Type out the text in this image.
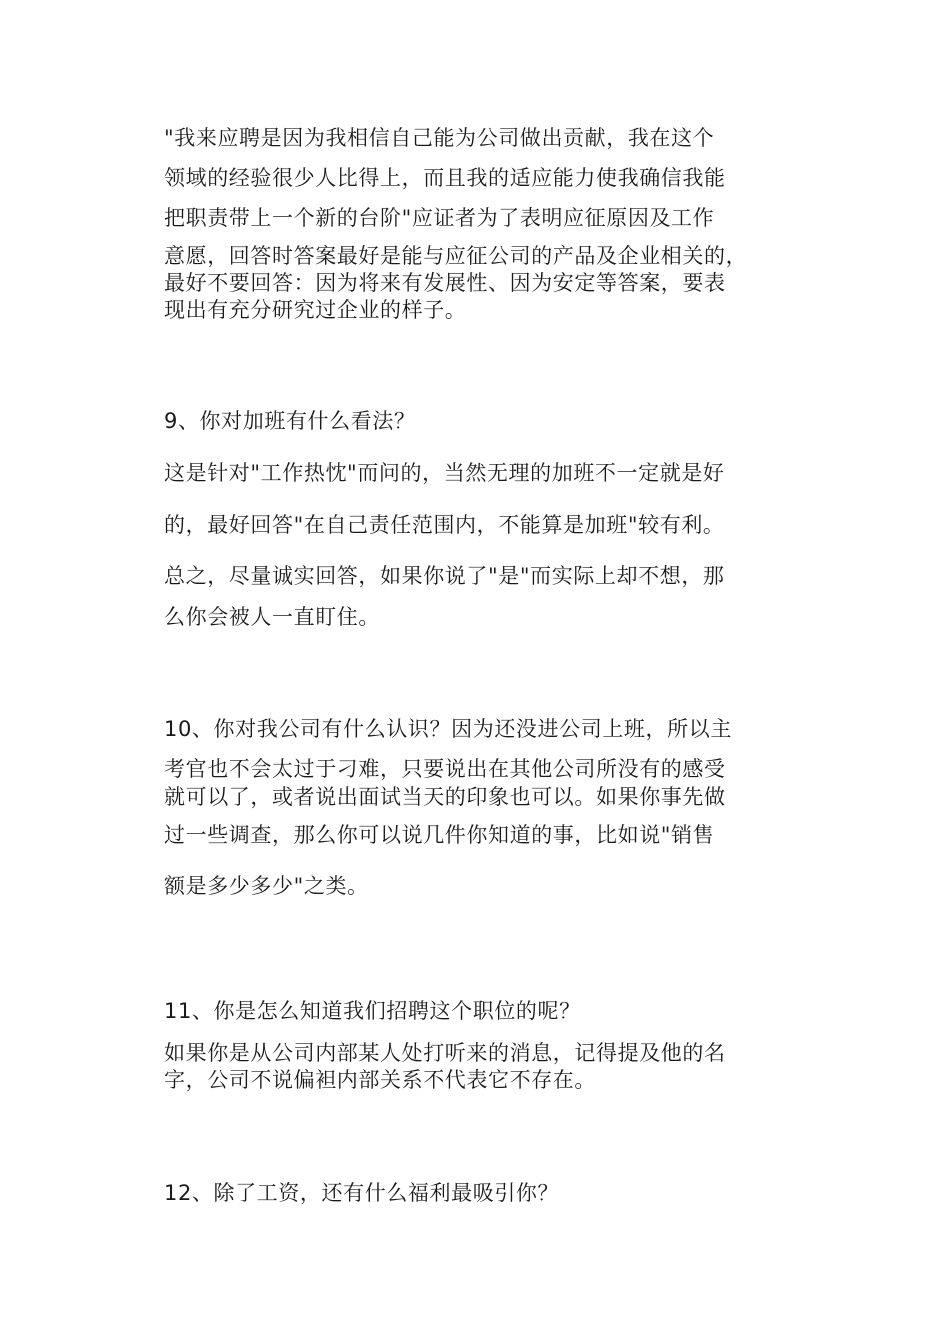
"我来应聘是因为我相信自己能为公司做出贡献，我在这个
领域的经验很少人比得上，而且我的适应能力使我确信我能
把职责带上一个新的台阶"应证者为了表明应征原因及工作
意愿，回答时答案最好是能与应征公司的产品及企业相关的，
最好不要回答：因为将来有发展性、因为安定等答案，要表
现出有充分研究过企业的样子。
9、你对加班有什么看法？
这是针对"工作热忱"而问的，当然无理的加班不一定就是好
的，最好回答"在自己责任范围内，不能算是加班"较有利。
总之，尽量诚实回答，如果你说了"是"而实际上却不想，那
么你会被人一直盯住。
10、你对我公司有什么认识？因为还没进公司上班，所以主
考官也不会太过于刁难，只要说出在其他公司所没有的感受
就可以了，或者说出面试当天的印象也可以。如果你事先做
过一些调查，那么你可以说几件你知道的事，比如说"销售
额是多少多少"之类。
11、你是怎么知道我们招聘这个职位的呢？
如果你是从公司内部某人处打听来的消息，记得提及他的名
字，公司不说偏袒内部关系不代表它不存在。
12、除了工资，还有什么福利最吸引你？
